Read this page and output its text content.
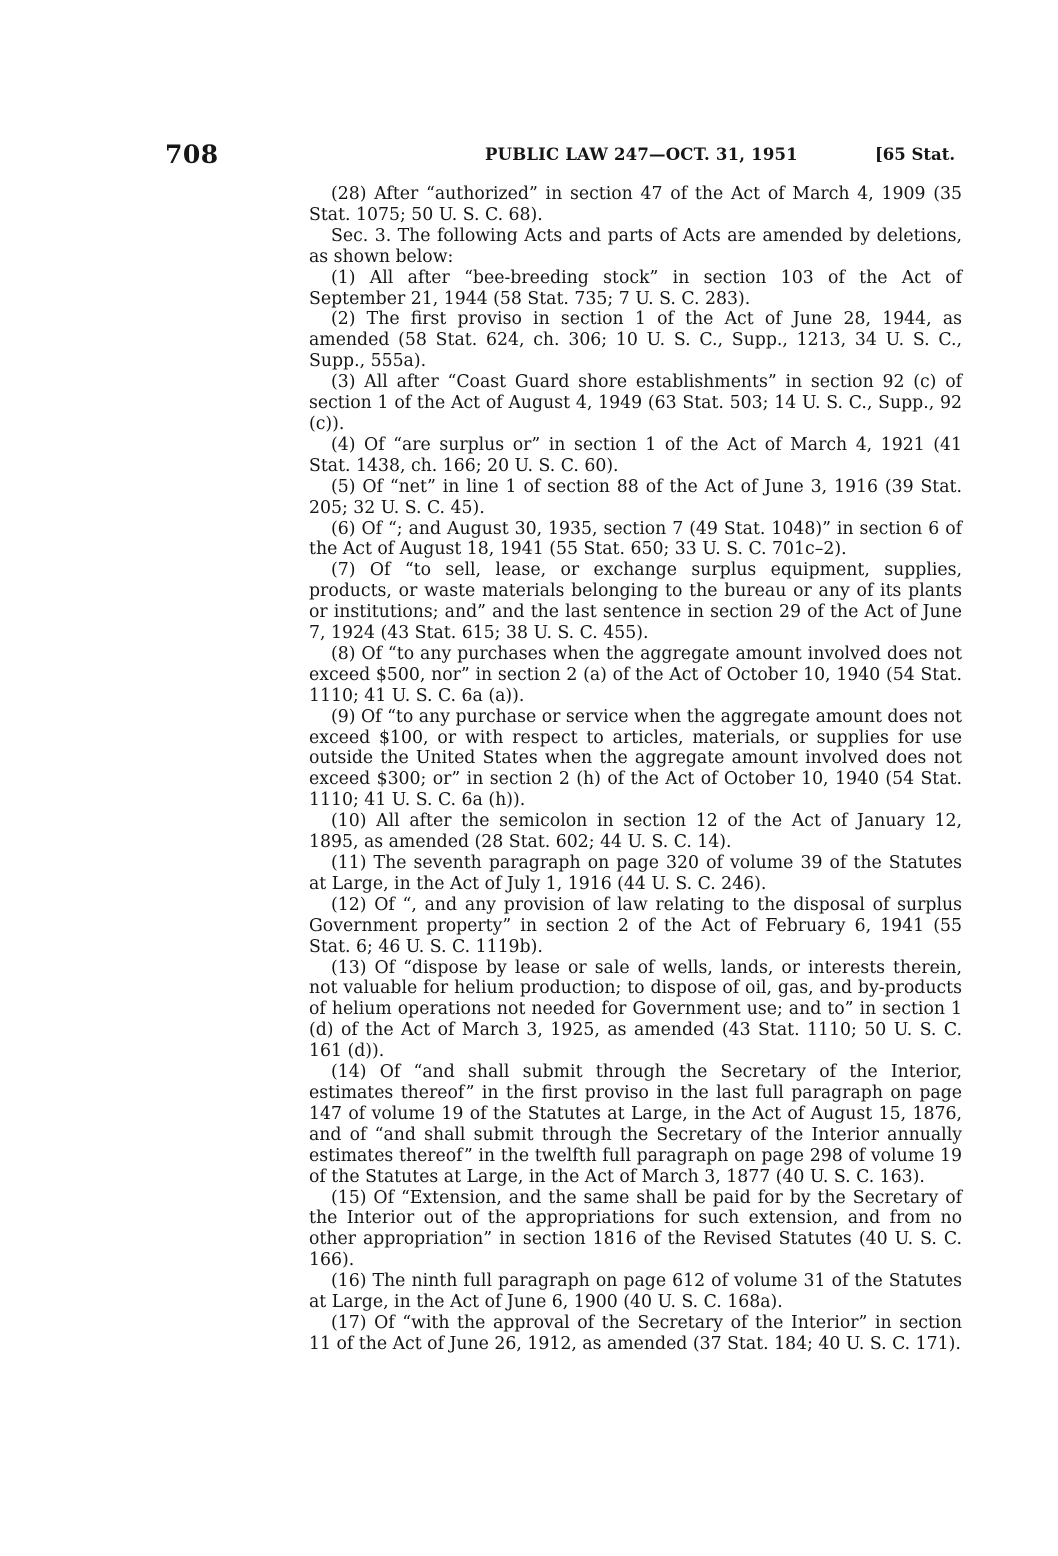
708	PUBLIC LAW 247—OCT. 31, 1951	[65 Stat.

(28) After “authorized” in section 47 of the Act of March 4, 1909 (35 Stat. 1075; 50 U. S. C. 68).

Sec. 3. The following Acts and parts of Acts are amended by deletions, as shown below:

(1) All after “bee-breeding stock” in section 103 of the Act of September 21, 1944 (58 Stat. 735; 7 U. S. C. 283).

(2) The first proviso in section 1 of the Act of June 28, 1944, as amended (58 Stat. 624, ch. 306; 10 U. S. C., Supp., 1213, 34 U. S. C., Supp., 555a).

(3) All after “Coast Guard shore establishments” in section 92 (c) of section 1 of the Act of August 4, 1949 (63 Stat. 503; 14 U. S. C., Supp., 92 (c)).

(4) Of “are surplus or” in section 1 of the Act of March 4, 1921 (41 Stat. 1438, ch. 166; 20 U. S. C. 60).

(5) Of “net” in line 1 of section 88 of the Act of June 3, 1916 (39 Stat. 205; 32 U. S. C. 45).

(6) Of “; and August 30, 1935, section 7 (49 Stat. 1048)” in section 6 of the Act of August 18, 1941 (55 Stat. 650; 33 U. S. C. 701c–2).

(7) Of “to sell, lease, or exchange surplus equipment, supplies, products, or waste materials belonging to the bureau or any of its plants or institutions; and” and the last sentence in section 29 of the Act of June 7, 1924 (43 Stat. 615; 38 U. S. C. 455).

(8) Of “to any purchases when the aggregate amount involved does not exceed $500, nor” in section 2 (a) of the Act of October 10, 1940 (54 Stat. 1110; 41 U. S. C. 6a (a)).

(9) Of “to any purchase or service when the aggregate amount does not exceed $100, or with respect to articles, materials, or supplies for use outside the United States when the aggregate amount involved does not exceed $300; or” in section 2 (h) of the Act of October 10, 1940 (54 Stat. 1110; 41 U. S. C. 6a (h)).

(10) All after the semicolon in section 12 of the Act of January 12, 1895, as amended (28 Stat. 602; 44 U. S. C. 14).

(11) The seventh paragraph on page 320 of volume 39 of the Statutes at Large, in the Act of July 1, 1916 (44 U. S. C. 246).

(12) Of “, and any provision of law relating to the disposal of surplus Government property” in section 2 of the Act of February 6, 1941 (55 Stat. 6; 46 U. S. C. 1119b).

(13) Of “dispose by lease or sale of wells, lands, or interests therein, not valuable for helium production; to dispose of oil, gas, and by-products of helium operations not needed for Government use; and to” in section 1 (d) of the Act of March 3, 1925, as amended (43 Stat. 1110; 50 U. S. C. 161 (d)).

(14) Of “and shall submit through the Secretary of the Interior, estimates thereof” in the first proviso in the last full paragraph on page 147 of volume 19 of the Statutes at Large, in the Act of August 15, 1876, and of “and shall submit through the Secretary of the Interior annually estimates thereof” in the twelfth full paragraph on page 298 of volume 19 of the Statutes at Large, in the Act of March 3, 1877 (40 U. S. C. 163).

(15) Of “Extension, and the same shall be paid for by the Secretary of the Interior out of the appropriations for such extension, and from no other appropriation” in section 1816 of the Revised Statutes (40 U. S. C. 166).

(16) The ninth full paragraph on page 612 of volume 31 of the Statutes at Large, in the Act of June 6, 1900 (40 U. S. C. 168a).

(17) Of “with the approval of the Secretary of the Interior” in section 11 of the Act of June 26, 1912, as amended (37 Stat. 184; 40 U. S. C. 171).
